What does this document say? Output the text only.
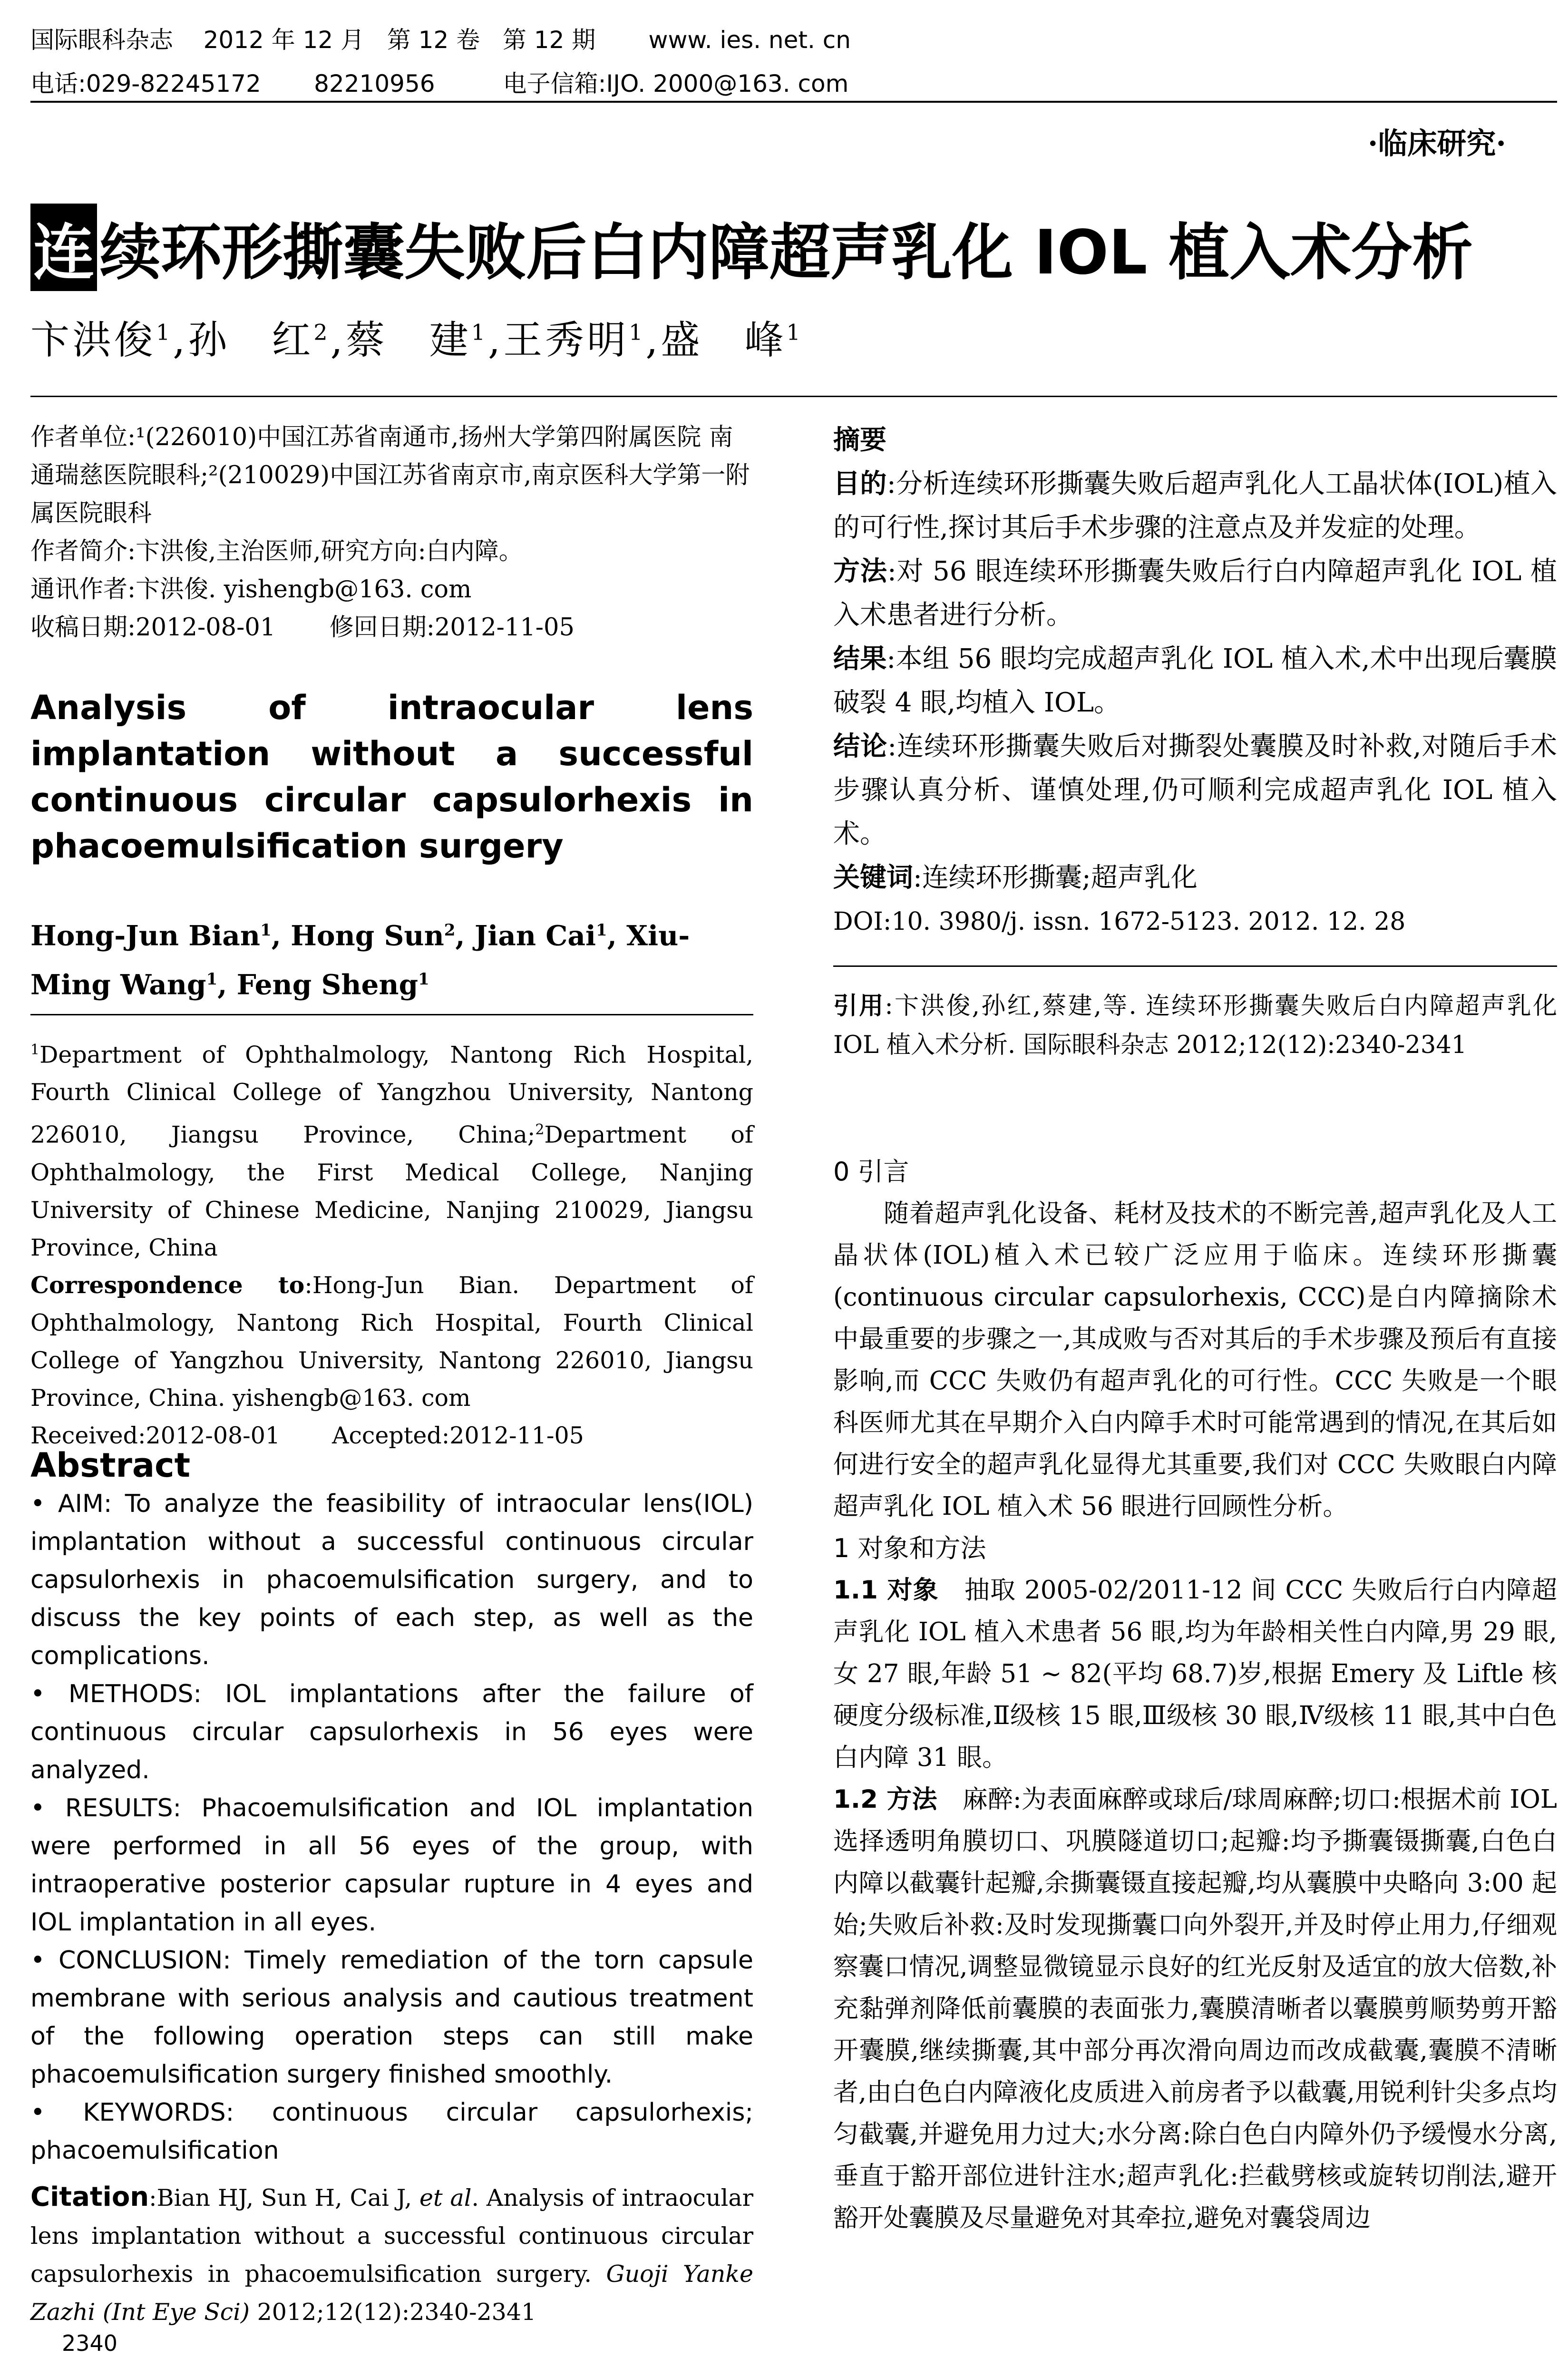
国际眼科杂志    2012 年 12 月   第 12 卷   第 12 期       www. ies. net. cn
电话:029-82245172       82210956         电子信箱:IJO. 2000@163. com
·临床研究·
连续环形撕囊失败后白内障超声乳化 IOL 植入术分析
卞洪俊$^1$,孙　红$^2$,蔡　建$^1$,王秀明$^1$,盛　峰$^1$

作者单位:¹(226010)中国江苏省南通市,扬州大学第四附属医院 南通瑞慈医院眼科;²(210029)中国江苏省南京市,南京医科大学第一附属医院眼科

作者简介:卞洪俊,主治医师,研究方向:白内障。

通讯作者:卞洪俊. yishengb@163. com

收稿日期:2012-08-01       修回日期:2012-11-05

Analysis of intraocular lens implantation without a successful continuous circular capsulorhexis in phacoemulsification surgery
Hong-Jun Bian$^1$, Hong Sun$^2$, Jian Cai$^1$, Xiu-Ming Wang$^1$, Feng Sheng$^1$

$^1$Department of Ophthalmology, Nantong Rich Hospital, Fourth Clinical College of Yangzhou University, Nantong 226010, Jiangsu Province, China;$^2$Department of Ophthalmology, the First Medical College, Nanjing University of Chinese Medicine, Nanjing 210029, Jiangsu Province, China

Correspondence to:Hong-Jun Bian. Department of Ophthalmology, Nantong Rich Hospital, Fourth Clinical College of Yangzhou University, Nantong 226010, Jiangsu Province, China. yishengb@163. com

Received:2012-08-01       Accepted:2012-11-05

Abstract

• AIM: To analyze the feasibility of intraocular lens(IOL) implantation without a successful continuous circular capsulorhexis in phacoemulsification surgery, and to discuss the key points of each step, as well as the complications.

• METHODS: IOL implantations after the failure of continuous circular capsulorhexis in 56 eyes were analyzed.

• RESULTS: Phacoemulsification and IOL implantation were performed in all 56 eyes of the group, with intraoperative posterior capsular rupture in 4 eyes and IOL implantation in all eyes.

• CONCLUSION: Timely remediation of the torn capsule membrane with serious analysis and cautious treatment of the following operation steps can still make phacoemulsification surgery finished smoothly.

• KEYWORDS: continuous circular capsulorhexis; phacoemulsification

Citation:Bian HJ, Sun H, Cai J, et al. Analysis of intraocular lens implantation without a successful continuous circular capsulorhexis in phacoemulsification surgery. Guoji Yanke Zazhi (Int Eye Sci) 2012;12(12):2340-2341
2340

摘要

目的:分析连续环形撕囊失败后超声乳化人工晶状体(IOL)植入的可行性,探讨其后手术步骤的注意点及并发症的处理。

方法:对 56 眼连续环形撕囊失败后行白内障超声乳化 IOL 植入术患者进行分析。

结果:本组 56 眼均完成超声乳化 IOL 植入术,术中出现后囊膜破裂 4 眼,均植入 IOL。

结论:连续环形撕囊失败后对撕裂处囊膜及时补救,对随后手术步骤认真分析、谨慎处理,仍可顺利完成超声乳化 IOL 植入术。

关键词:连续环形撕囊;超声乳化

DOI:10. 3980/j. issn. 1672-5123. 2012. 12. 28

引用:卞洪俊,孙红,蔡建,等. 连续环形撕囊失败后白内障超声乳化 IOL 植入术分析. 国际眼科杂志 2012;12(12):2340-2341

0 引言

随着超声乳化设备、耗材及技术的不断完善,超声乳化及人工晶状体(IOL)植入术已较广泛应用于临床。连续环形撕囊(continuous circular capsulorhexis, CCC)是白内障摘除术中最重要的步骤之一,其成败与否对其后的手术步骤及预后有直接影响,而 CCC 失败仍有超声乳化的可行性。CCC 失败是一个眼科医师尤其在早期介入白内障手术时可能常遇到的情况,在其后如何进行安全的超声乳化显得尤其重要,我们对 CCC 失败眼白内障超声乳化 IOL 植入术 56 眼进行回顾性分析。

1 对象和方法

1.1 对象　抽取 2005-02/2011-12 间 CCC 失败后行白内障超声乳化 IOL 植入术患者 56 眼,均为年龄相关性白内障,男 29 眼,女 27 眼,年龄 51 ~ 82(平均 68.7)岁,根据 Emery 及 Liftle 核硬度分级标准,Ⅱ级核 15 眼,Ⅲ级核 30 眼,Ⅳ级核 11 眼,其中白色白内障 31 眼。

1.2 方法　麻醉:为表面麻醉或球后/球周麻醉;切口:根据术前 IOL 选择透明角膜切口、巩膜隧道切口;起瓣:均予撕囊镊撕囊,白色白内障以截囊针起瓣,余撕囊镊直接起瓣,均从囊膜中央略向 3:00 起始;失败后补救:及时发现撕囊口向外裂开,并及时停止用力,仔细观察囊口情况,调整显微镜显示良好的红光反射及适宜的放大倍数,补充黏弹剂降低前囊膜的表面张力,囊膜清晰者以囊膜剪顺势剪开豁开囊膜,继续撕囊,其中部分再次滑向周边而改成截囊,囊膜不清晰者,由白色白内障液化皮质进入前房者予以截囊,用锐利针尖多点均匀截囊,并避免用力过大;水分离:除白色白内障外仍予缓慢水分离,垂直于豁开部位进针注水;超声乳化:拦截劈核或旋转切削法,避开豁开处囊膜及尽量避免对其牵拉,避免对囊袋周边
